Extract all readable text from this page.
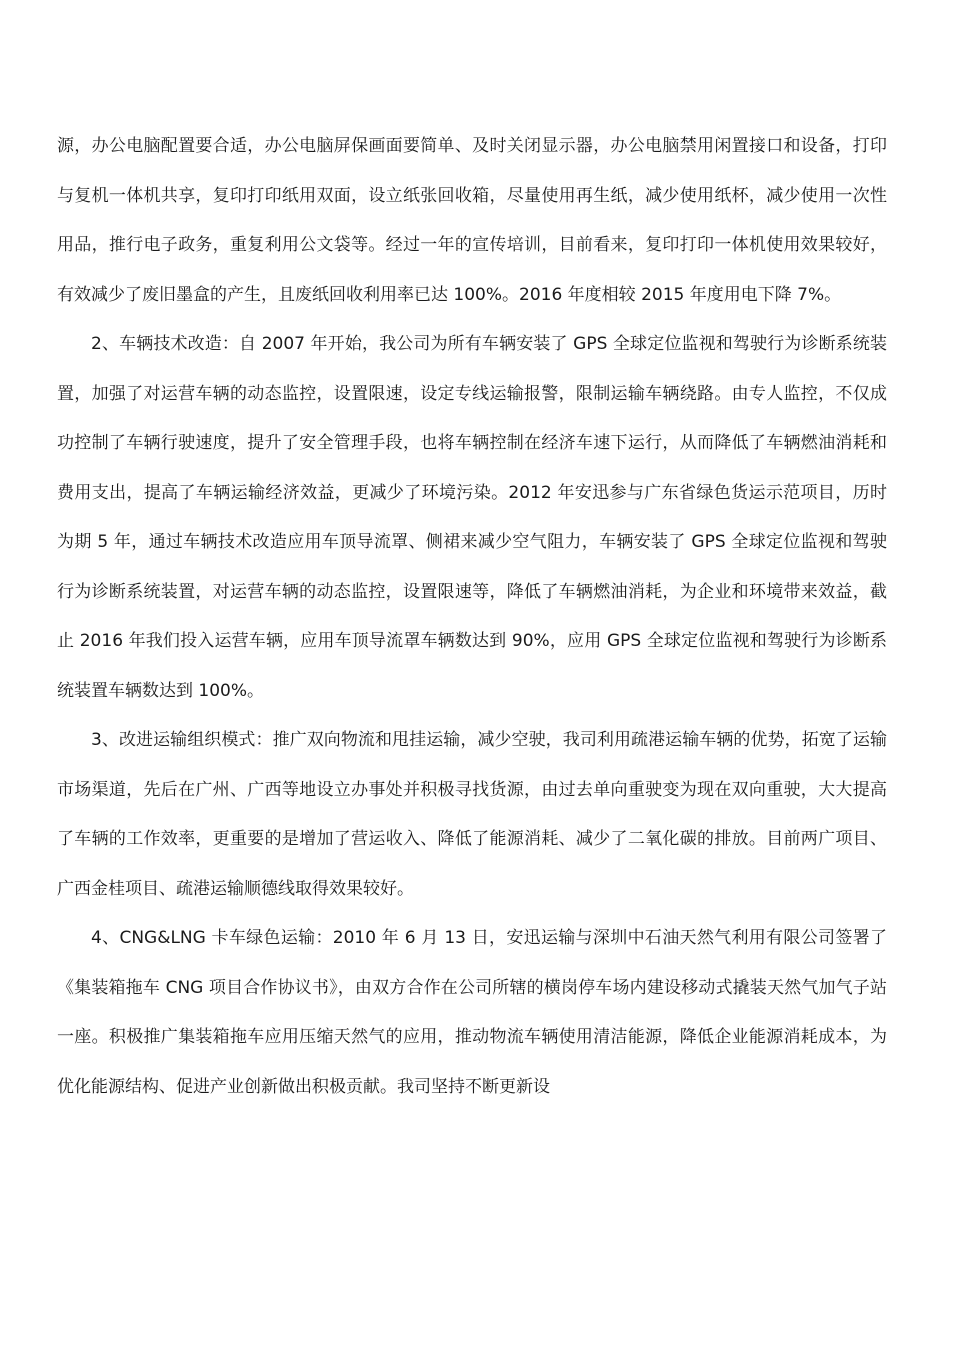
源，办公电脑配置要合适，办公电脑屏保画面要简单、及时关闭显示器，办公电脑禁用闲置接口和设备，打印与复机一体机共享，复印打印纸用双面，设立纸张回收箱，尽量使用再生纸，减少使用纸杯，减少使用一次性用品，推行电子政务，重复利用公文袋等。经过一年的宣传培训，目前看来，复印打印一体机使用效果较好，有效减少了废旧墨盒的产生，且废纸回收利用率已达 100%。2016 年度相较 2015 年度用电下降 7%。

2、车辆技术改造：自 2007 年开始，我公司为所有车辆安装了 GPS 全球定位监视和驾驶行为诊断系统装置，加强了对运营车辆的动态监控，设置限速，设定专线运输报警，限制运输车辆绕路。由专人监控，不仅成功控制了车辆行驶速度，提升了安全管理手段，也将车辆控制在经济车速下运行，从而降低了车辆燃油消耗和费用支出，提高了车辆运输经济效益，更减少了环境污染。2012 年安迅参与广东省绿色货运示范项目，历时为期 5 年，通过车辆技术改造应用车顶导流罩、侧裙来减少空气阻力，车辆安装了 GPS 全球定位监视和驾驶行为诊断系统装置，对运营车辆的动态监控，设置限速等，降低了车辆燃油消耗，为企业和环境带来效益，截止 2016 年我们投入运营车辆，应用车顶导流罩车辆数达到 90%，应用 GPS 全球定位监视和驾驶行为诊断系统装置车辆数达到 100%。

3、改进运输组织模式：推广双向物流和甩挂运输，减少空驶，我司利用疏港运输车辆的优势，拓宽了运输市场渠道，先后在广州、广西等地设立办事处并积极寻找货源，由过去单向重驶变为现在双向重驶，大大提高了车辆的工作效率，更重要的是增加了营运收入、降低了能源消耗、减少了二氧化碳的排放。目前两广项目、广西金桂项目、疏港运输顺德线取得效果较好。

4、CNG&LNG 卡车绿色运输：2010 年 6 月 13 日，安迅运输与深圳中石油天然气利用有限公司签署了《集装箱拖车 CNG 项目合作协议书》，由双方合作在公司所辖的横岗停车场内建设移动式撬装天然气加气子站一座。积极推广集装箱拖车应用压缩天然气的应用，推动物流车辆使用清洁能源，降低企业能源消耗成本，为优化能源结构、促进产业创新做出积极贡献。我司坚持不断更新设
